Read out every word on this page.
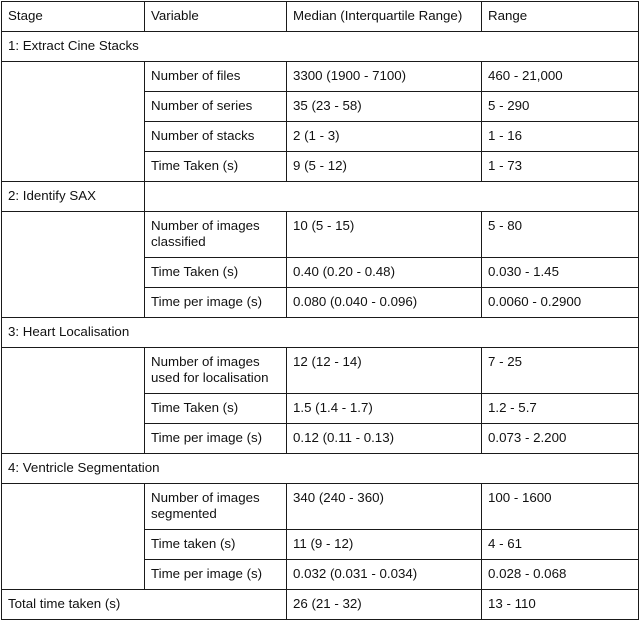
Stage	Variable	Median (Interquartile Range)	Range
1: Extract Cine Stacks			
	Number of files	3300 (1900 - 7100)	460 - 21,000
	Number of series	35 (23 - 58)	5 - 290
	Number of stacks	2 (1 - 3)	1 - 16
	Time Taken (s)	9 (5 - 12)	1 - 73
2: Identify SAX			
	Number of images classified	10 (5 - 15)	5 - 80
	Time Taken (s)	0.40 (0.20 - 0.48)	0.030 - 1.45
	Time per image (s)	0.080 (0.040 - 0.096)	0.0060 - 0.2900
3: Heart Localisation			
	Number of images used for localisation	12 (12 - 14)	7 - 25
	Time Taken (s)	1.5 (1.4 - 1.7)	1.2 - 5.7
	Time per image (s)	0.12 (0.11 - 0.13)	0.073 - 2.200
4: Ventricle Segmentation			
	Number of images segmented	340 (240 - 360)	100 - 1600
	Time taken (s)	11 (9 - 12)	4 - 61
	Time per image (s)	0.032 (0.031 - 0.034)	0.028 - 0.068
Total time taken (s)		26 (21 - 32)	13 - 110
